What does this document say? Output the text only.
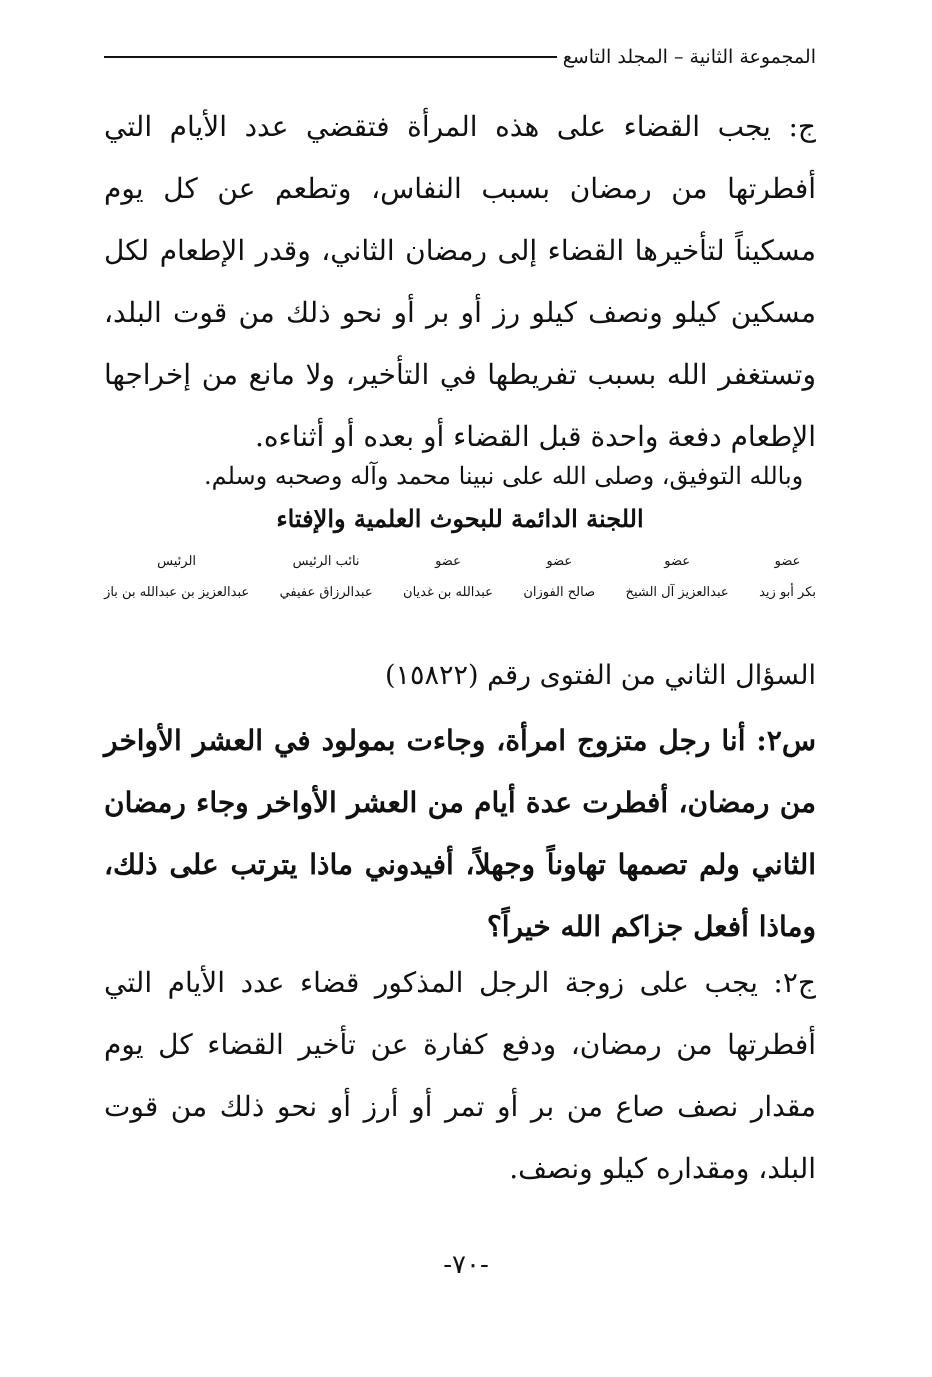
المجموعة الثانية – المجلد التاسع

ج: يجب القضاء على هذه المرأة فتقضي عدد الأيام التي أفطرتها من رمضان بسبب النفاس، وتطعم عن كل يوم مسكيناً لتأخيرها القضاء إلى رمضان الثاني، وقدر الإطعام لكل مسكين كيلو ونصف كيلو رز أو بر أو نحو ذلك من قوت البلد، وتستغفر الله بسبب تفريطها في التأخير، ولا مانع من إخراجها الإطعام دفعة واحدة قبل القضاء أو بعده أو أثناءه.

وبالله التوفيق، وصلى الله على نبينا محمد وآله وصحبه وسلم.

اللجنة الدائمة للبحوث العلمية والإفتاء
عضو
بكر أبو زيد
عضو
عبدالعزيز آل الشيخ
عضو
صالح الفوزان
عضو
عبدالله بن غديان
نائب الرئيس
عبدالرزاق عفيفي
الرئيس
عبدالعزيز بن عبدالله بن باز

السؤال الثاني من الفتوى رقم (١٥٨٢٢)

س٢: أنا رجل متزوج امرأة، وجاءت بمولود في العشر الأواخر من رمضان، أفطرت عدة أيام من العشر الأواخر وجاء رمضان الثاني ولم تصمها تهاوناً وجهلاً، أفيدوني ماذا يترتب على ذلك، وماذا أفعل جزاكم الله خيراً؟

ج٢: يجب على زوجة الرجل المذكور قضاء عدد الأيام التي أفطرتها من رمضان، ودفع كفارة عن تأخير القضاء كل يوم مقدار نصف صاع من بر أو تمر أو أرز أو نحو ذلك من قوت البلد، ومقداره كيلو ونصف.

-٧٠-
